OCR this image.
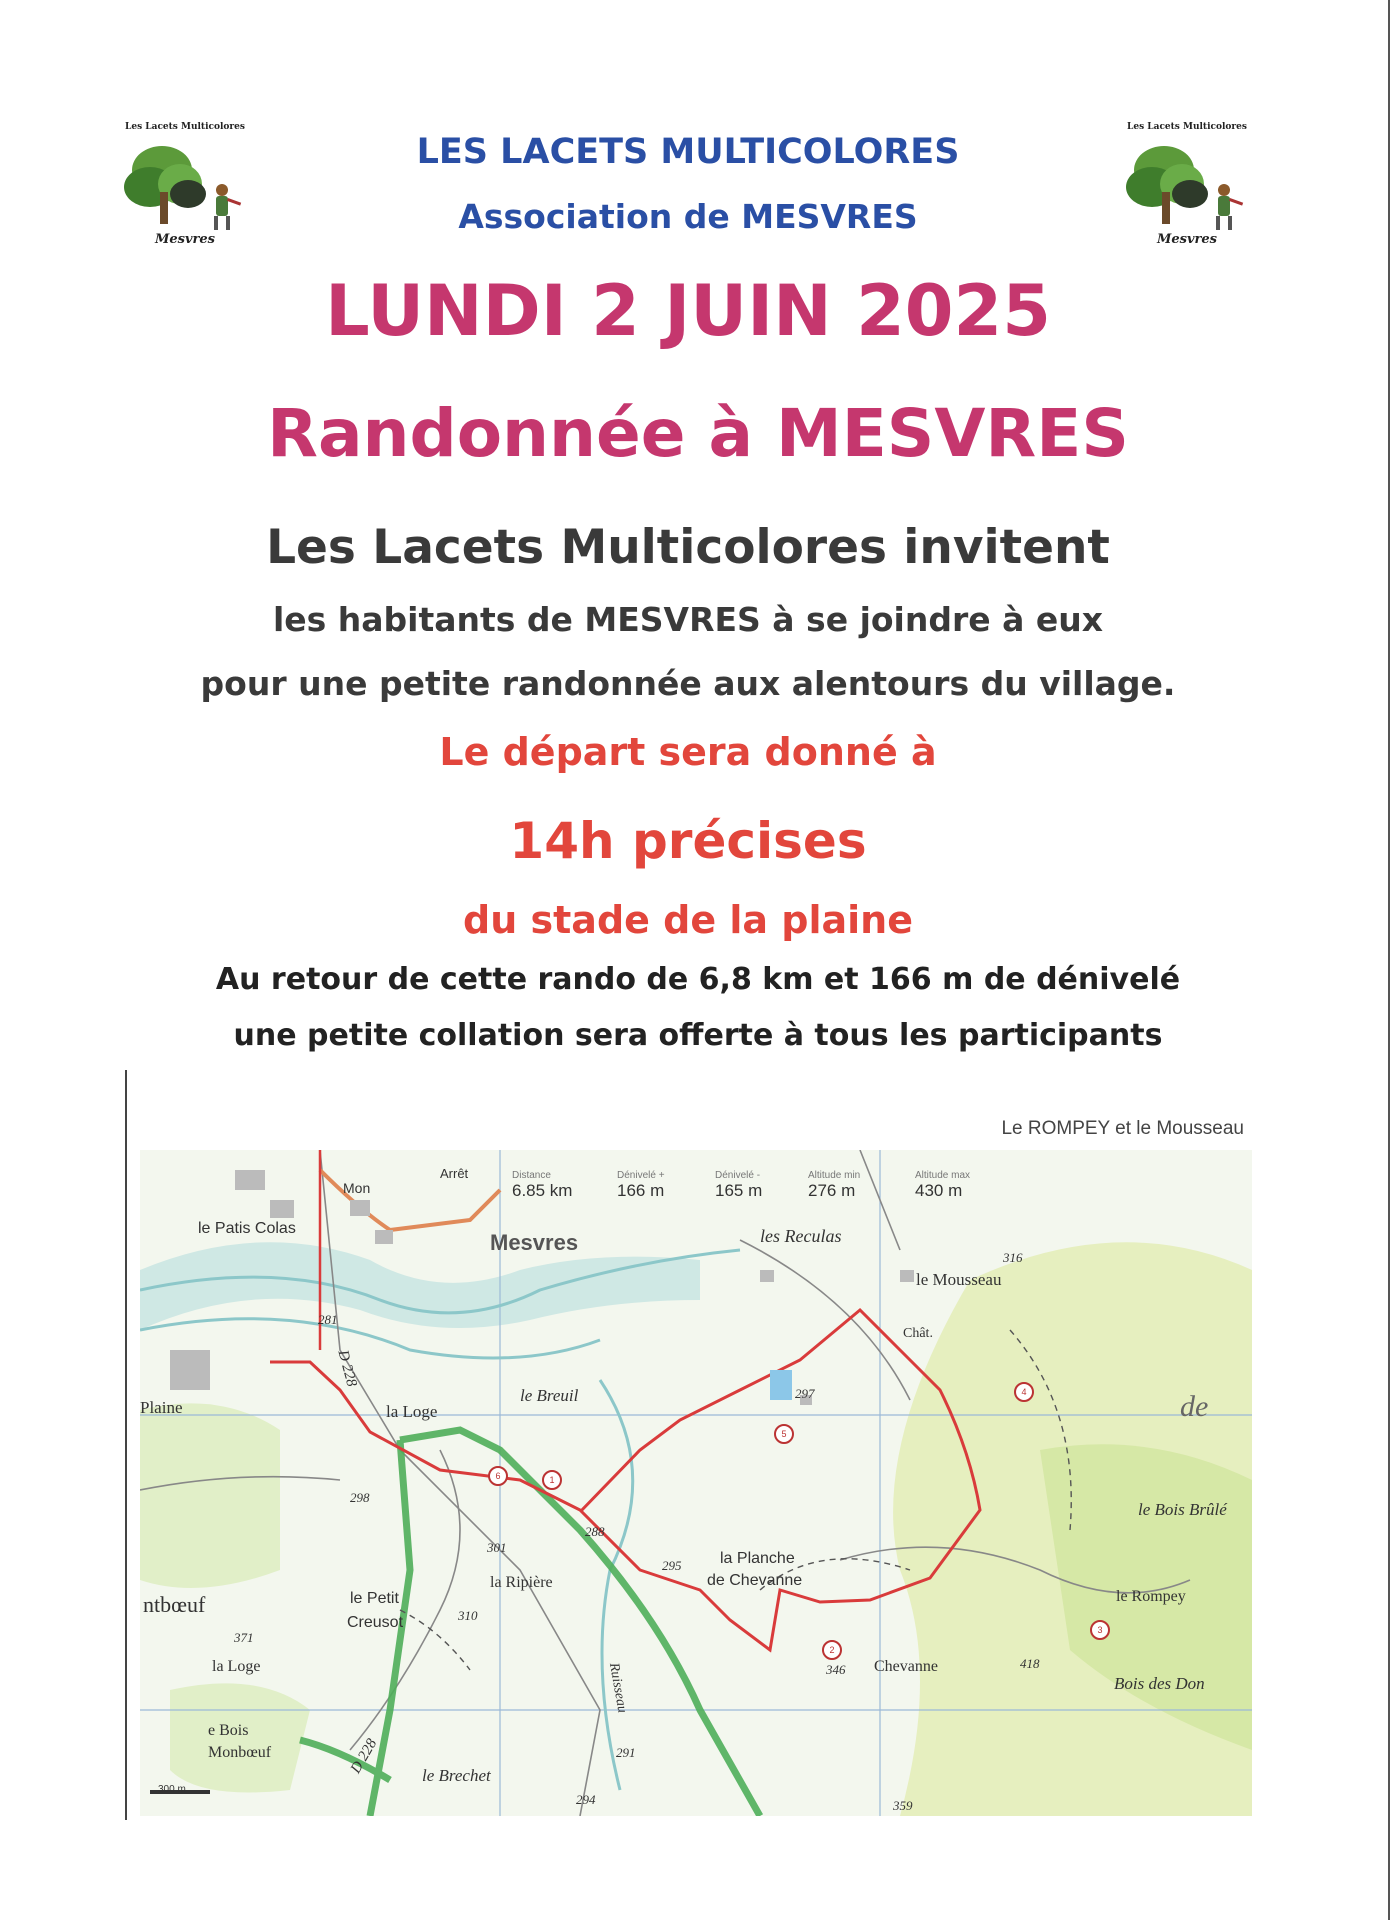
Les Lacets Multicolores
Mesvres
Les Lacets Multicolores
Mesvres
LES LACETS MULTICOLORES
Association de MESVRES
LUNDI 2 JUIN 2025
Randonnée à MESVRES
Les Lacets Multicolores invitent
les habitants de MESVRES à se joindre à eux
pour une petite randonnée aux alentours du village.
Le départ sera donné à
14h précises
du stade de la plaine
Au retour de cette rando de 6,8 km et 166 m de dénivelé
une petite collation sera offerte à tous les participants
Le ROMPEY et le Mousseau
Distance
6.85 km
Dénivelé +
166 m
Dénivelé -
165 m
Altitude min
276 m
Altitude max
430 m
Mon
Arrêt
le Patis Colas
Mesvres	les Reculas
le Mousseau
Chât.
de
Plaine	la Loge
le Breuil
le Bois Brûlé
la Ripière
la Planche
de Chevanne
le Rompey
le Petit
Creusot
ntbœuf
la Loge	Chevanne
Bois des Don
e Bois
Monbœuf
le Brechet
D 228
D 228
Ruisseau
300 m
316
281
297
298
301
288
295
310
371
346	418
291
294	359
1
2
3
4
5
6
